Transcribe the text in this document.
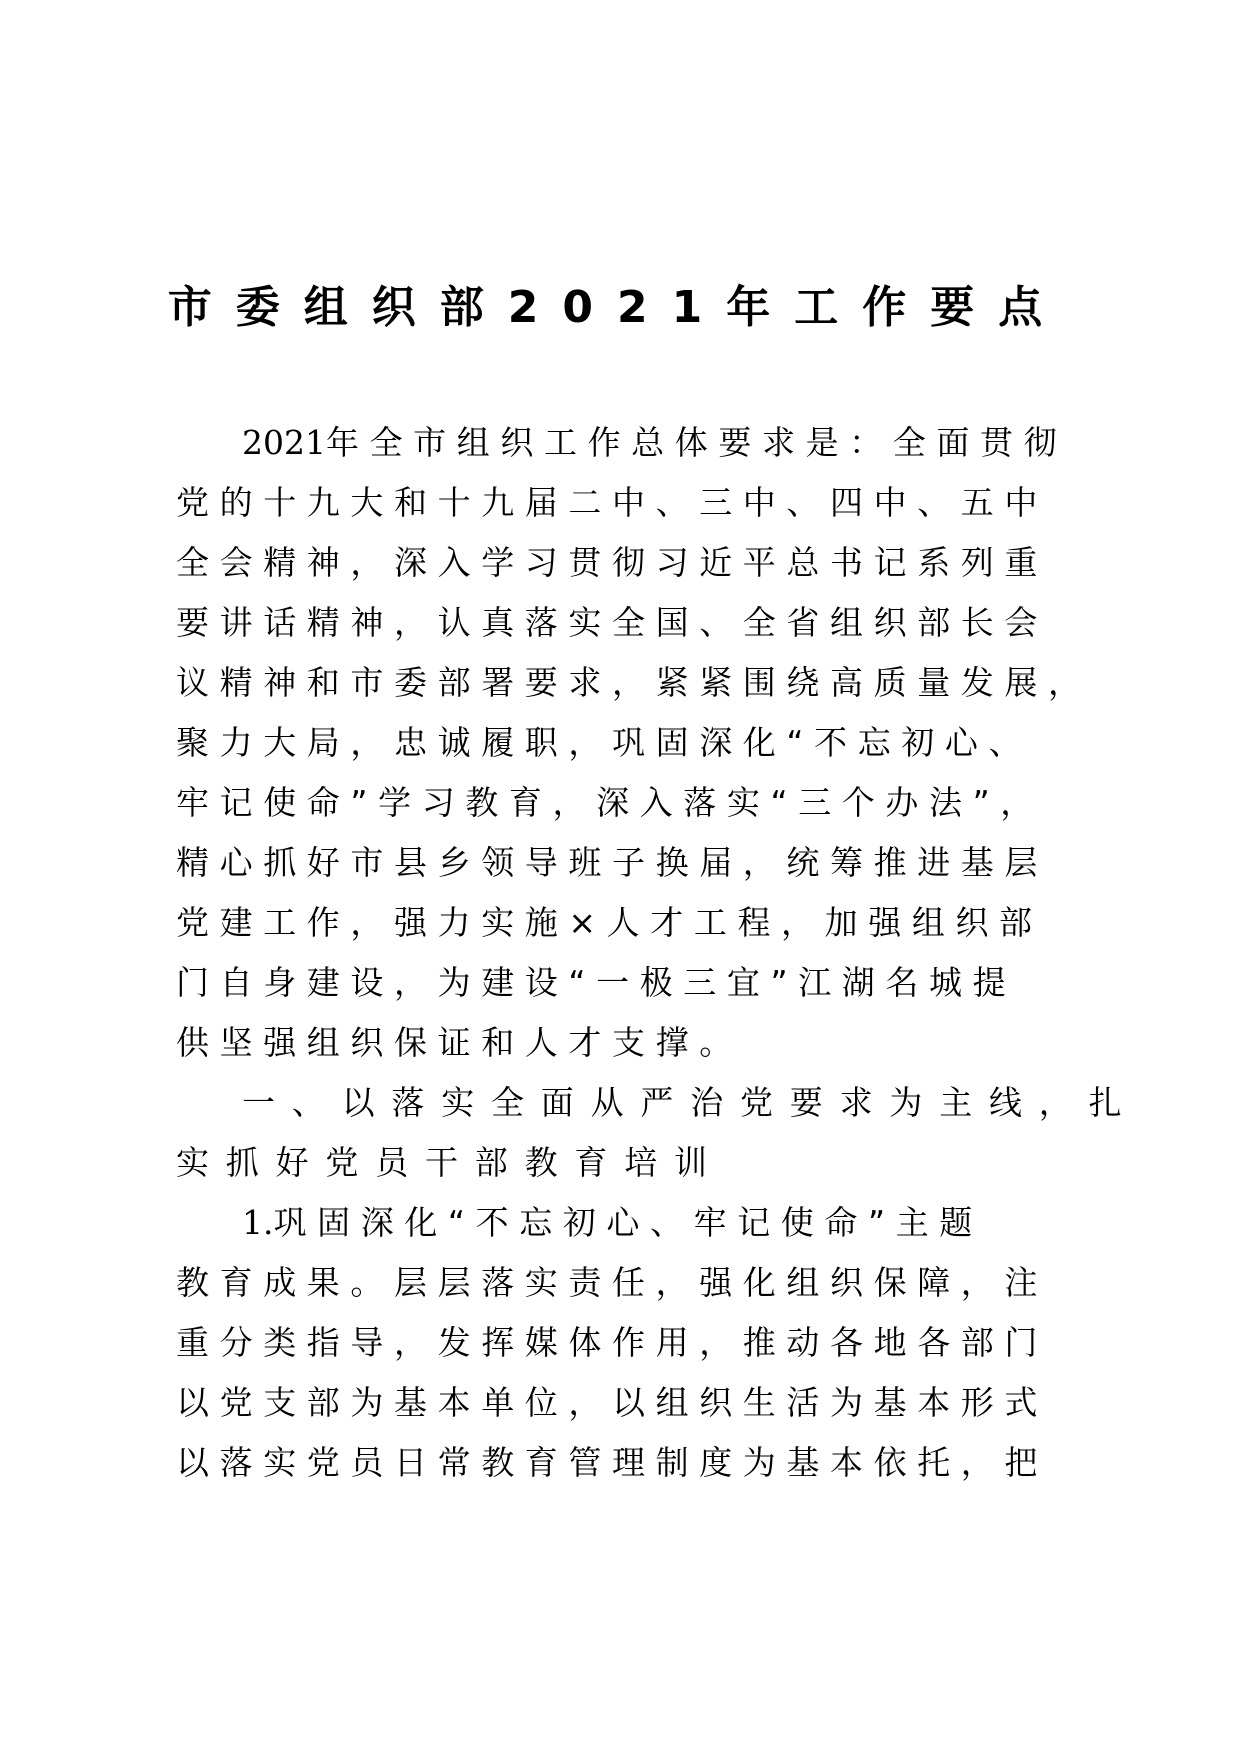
市委组织部2021年工作要点
2021年全市组织工作总体要求是：全面贯彻
党的十九大和十九届二中、三中、四中、五中
全会精神，深入学习贯彻习近平总书记系列重
要讲话精神，认真落实全国、全省组织部长会
议精神和市委部署要求，紧紧围绕高质量发展，
聚力大局，忠诚履职，巩固深化“不忘初心、
牢记使命”学习教育，深入落实“三个办法”，
精心抓好市县乡领导班子换届，统筹推进基层
党建工作，强力实施×人才工程，加强组织部
门自身建设，为建设“一极三宜”江湖名城提
供坚强组织保证和人才支撑。
一、以落实全面从严治党要求为主线，扎
实抓好党员干部教育培训
1.巩固深化“不忘初心、牢记使命”主题
教育成果。层层落实责任，强化组织保障，注
重分类指导，发挥媒体作用，推动各地各部门
以党支部为基本单位，以组织生活为基本形式
以落实党员日常教育管理制度为基本依托，把
